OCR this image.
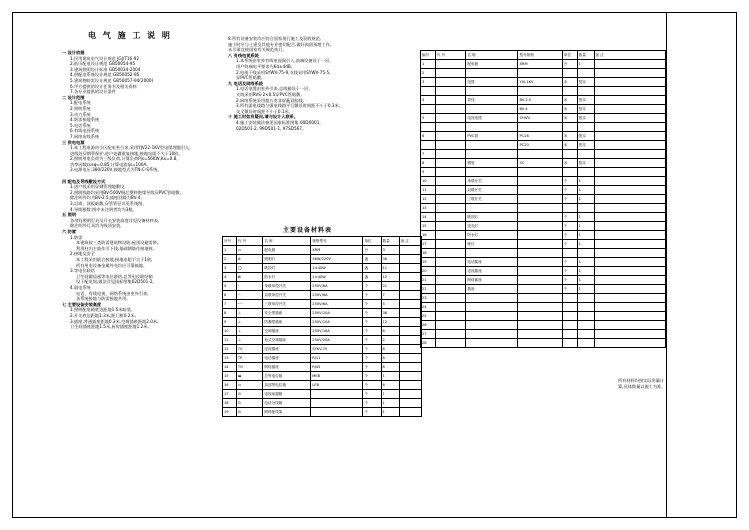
电 气 施 工 说 明
一 设计依据
1.民用建筑电气设计规范 JGJ/T16-92
2.低压配电设计规范 GB50054-95
3.建筑照明设计标准 GB50034-2004
4.供配电系统设计规范 GB50052-95
5.建筑物防雷设计规范 GB50057-94(2000)
6.甲方提供的设计任务书及相关资料
7.各专业提供的设计条件
二 设计范围
1.配电系统
2.照明系统
3.动力系统
4.防雷接地系统
5.电话系统
6.有线电视系统
7.网络布线系统
三 供电电源
1.本工程电源由小区配电室引来,采用YJV22-1KV型电缆埋地引入,
进线处穿钢管保护,进户处做重复接地,接地电阻不大于10欧。
2.照明用电负荷为三级负荷,计算负荷Pjs=56KW,Kx=0.8,
功率因数cosφ=0.85,计算电流Ijs=100A。
3.电源电压:380/220V,接地型式为TN-C-S系统。
四 配电及导线敷设方式
1.进户线采用穿钢管埋地敷设,
2.照明线路均采用BV-500V铜芯塑料绝缘导线穿PVC管暗敷,
除注明外均为BV-2.5,插座回路为BV-4,
3.沿墙、顶板暗敷,穿管管径详见系统图。
4.导线根数:图中未注明者均为3根。
五 照明
各房间照明灯具及开关安装高度详见设备材料表,
除注明外灯具均为吸顶安装。
六 防雷
1.防雷
本建筑按三类防雷建筑物设防,屋顶设避雷带,
利用柱内主筋作引下线,基础钢筋作接地体,
2.接地及安全
本工程采用联合接地,接地电阻不大于1欧,
所有用电设备金属外壳均应可靠接地。
3.等电位联结
卫生间做局部等电位联结,总等电位联结箱
设于配电间,做法详见国标图集02D501-2。
4.弱电系统
电话、有线电视、网络系统由室外引来,
各系统接地与防雷接地共用。
七 主要设备安装高度
1.照明配电箱底边距地1.5米暗装,
2.开关底边距地1.3米,距门框0.2米,
3.插座:普通插座距地0.3米,空调插座距地2.0米,
卫生间插座距地1.5米,厨房插座距地1.2米。
8.所有设备安装均应符合国家现行施工及验收规范,
施工时应与土建及其他专业密切配合,做好预留预埋工作,
未尽事宜按国家有关规范执行。
八 有线电视系统
1.本系统由室外有线电视网引入,前端设备设于一层,
用户终端电平要求为64±4dB,
2.电视干线采用SYWV-75-9,支线采用SYWV-75-5,
穿PVC管暗敷。
九 电话及网络系统
1.电话电缆由室外引来,总线箱设于一层,
支线采用RVS-2×0.5穿PVC管暗敷,
2.网络系统采用超五类非屏蔽双绞线,
3.所有弱电线路与强电线路平行敷设时间距不小于0.3米,
交叉敷设时间距不小于0.1米。
十 施工时如有疑问,请与设计人联系。
4.施工安装做法参见国家标准图集 00DX001,
02D501-2, 99D501-1, 97SD567。
主要设备材料表
序号	代 号	名 称	规格型号	单位	数量	备 注
1	▭	配电箱	XRM	台	3	
2	⊗	照明灯	36W/220V	盏	36	
3	◯	吸顶灯	1×40W	盏	11	
4	⊠	防水灯	1×40W	盏	12	
5	ᐩ	单联单控开关	250V/6A	个	21	
6	ᐩᐩ	双联单控开关	250V/6A	个	7	
7	ᐩᐩᐩ	三联单控开关	250V/6A	个	5	
8	⊥	安全型插座	250V/10A	个	36	
9	⊥	防溅型插座	250V/10A	个	12	
10	⊥	空调插座	250V/16A	个	8	
11	⊥	柜式空调插座	250V/20A	个	2	
12	TV	电视插座	SYKV-75	个	8	
13	TP	电话插座	RJ11	个	8	
14	TO	网络插座	RJ45	个	8	
15	▬	总等电位箱	MEB	个	1	
16	▭	局部等电位箱	LEB	个	6	
17	⊡	电视前端箱		个	1	
18	⊡	电话分线箱		个	1	
19	⊡	网络配线架		个	1	
编号	代 号	名 称	型号规格	单位	数量	备 注
1		配电箱	XRM	台	1	
2						
3		电缆	YJV-1KV	米	按实	

4		导线	BV-2.5	米	按实	
			BV-4	米	按实	
5		电视电缆	SYWV	米	按实	

6		PVC管	PC16	米	按实	
			PC20	米	按实	
7						
8		钢管	SC	米	按实	
9						
10		单联开关		个	1	
11		双联开关		个	1	
12		三联开关		个	1	
13						
14		吸顶灯		个	1	
15		荧光灯		个	1	
16		防水灯		个	1	
17		壁灯		个	1	
18						
19		电话插座		个	1	
20		电视插座		个	1	
21		网络插座		个	1	
22		插座		个	1	
23						
24						
25						
26						
27						
28						
所有材料均按实际用量计算,具体数量以施工为准。
